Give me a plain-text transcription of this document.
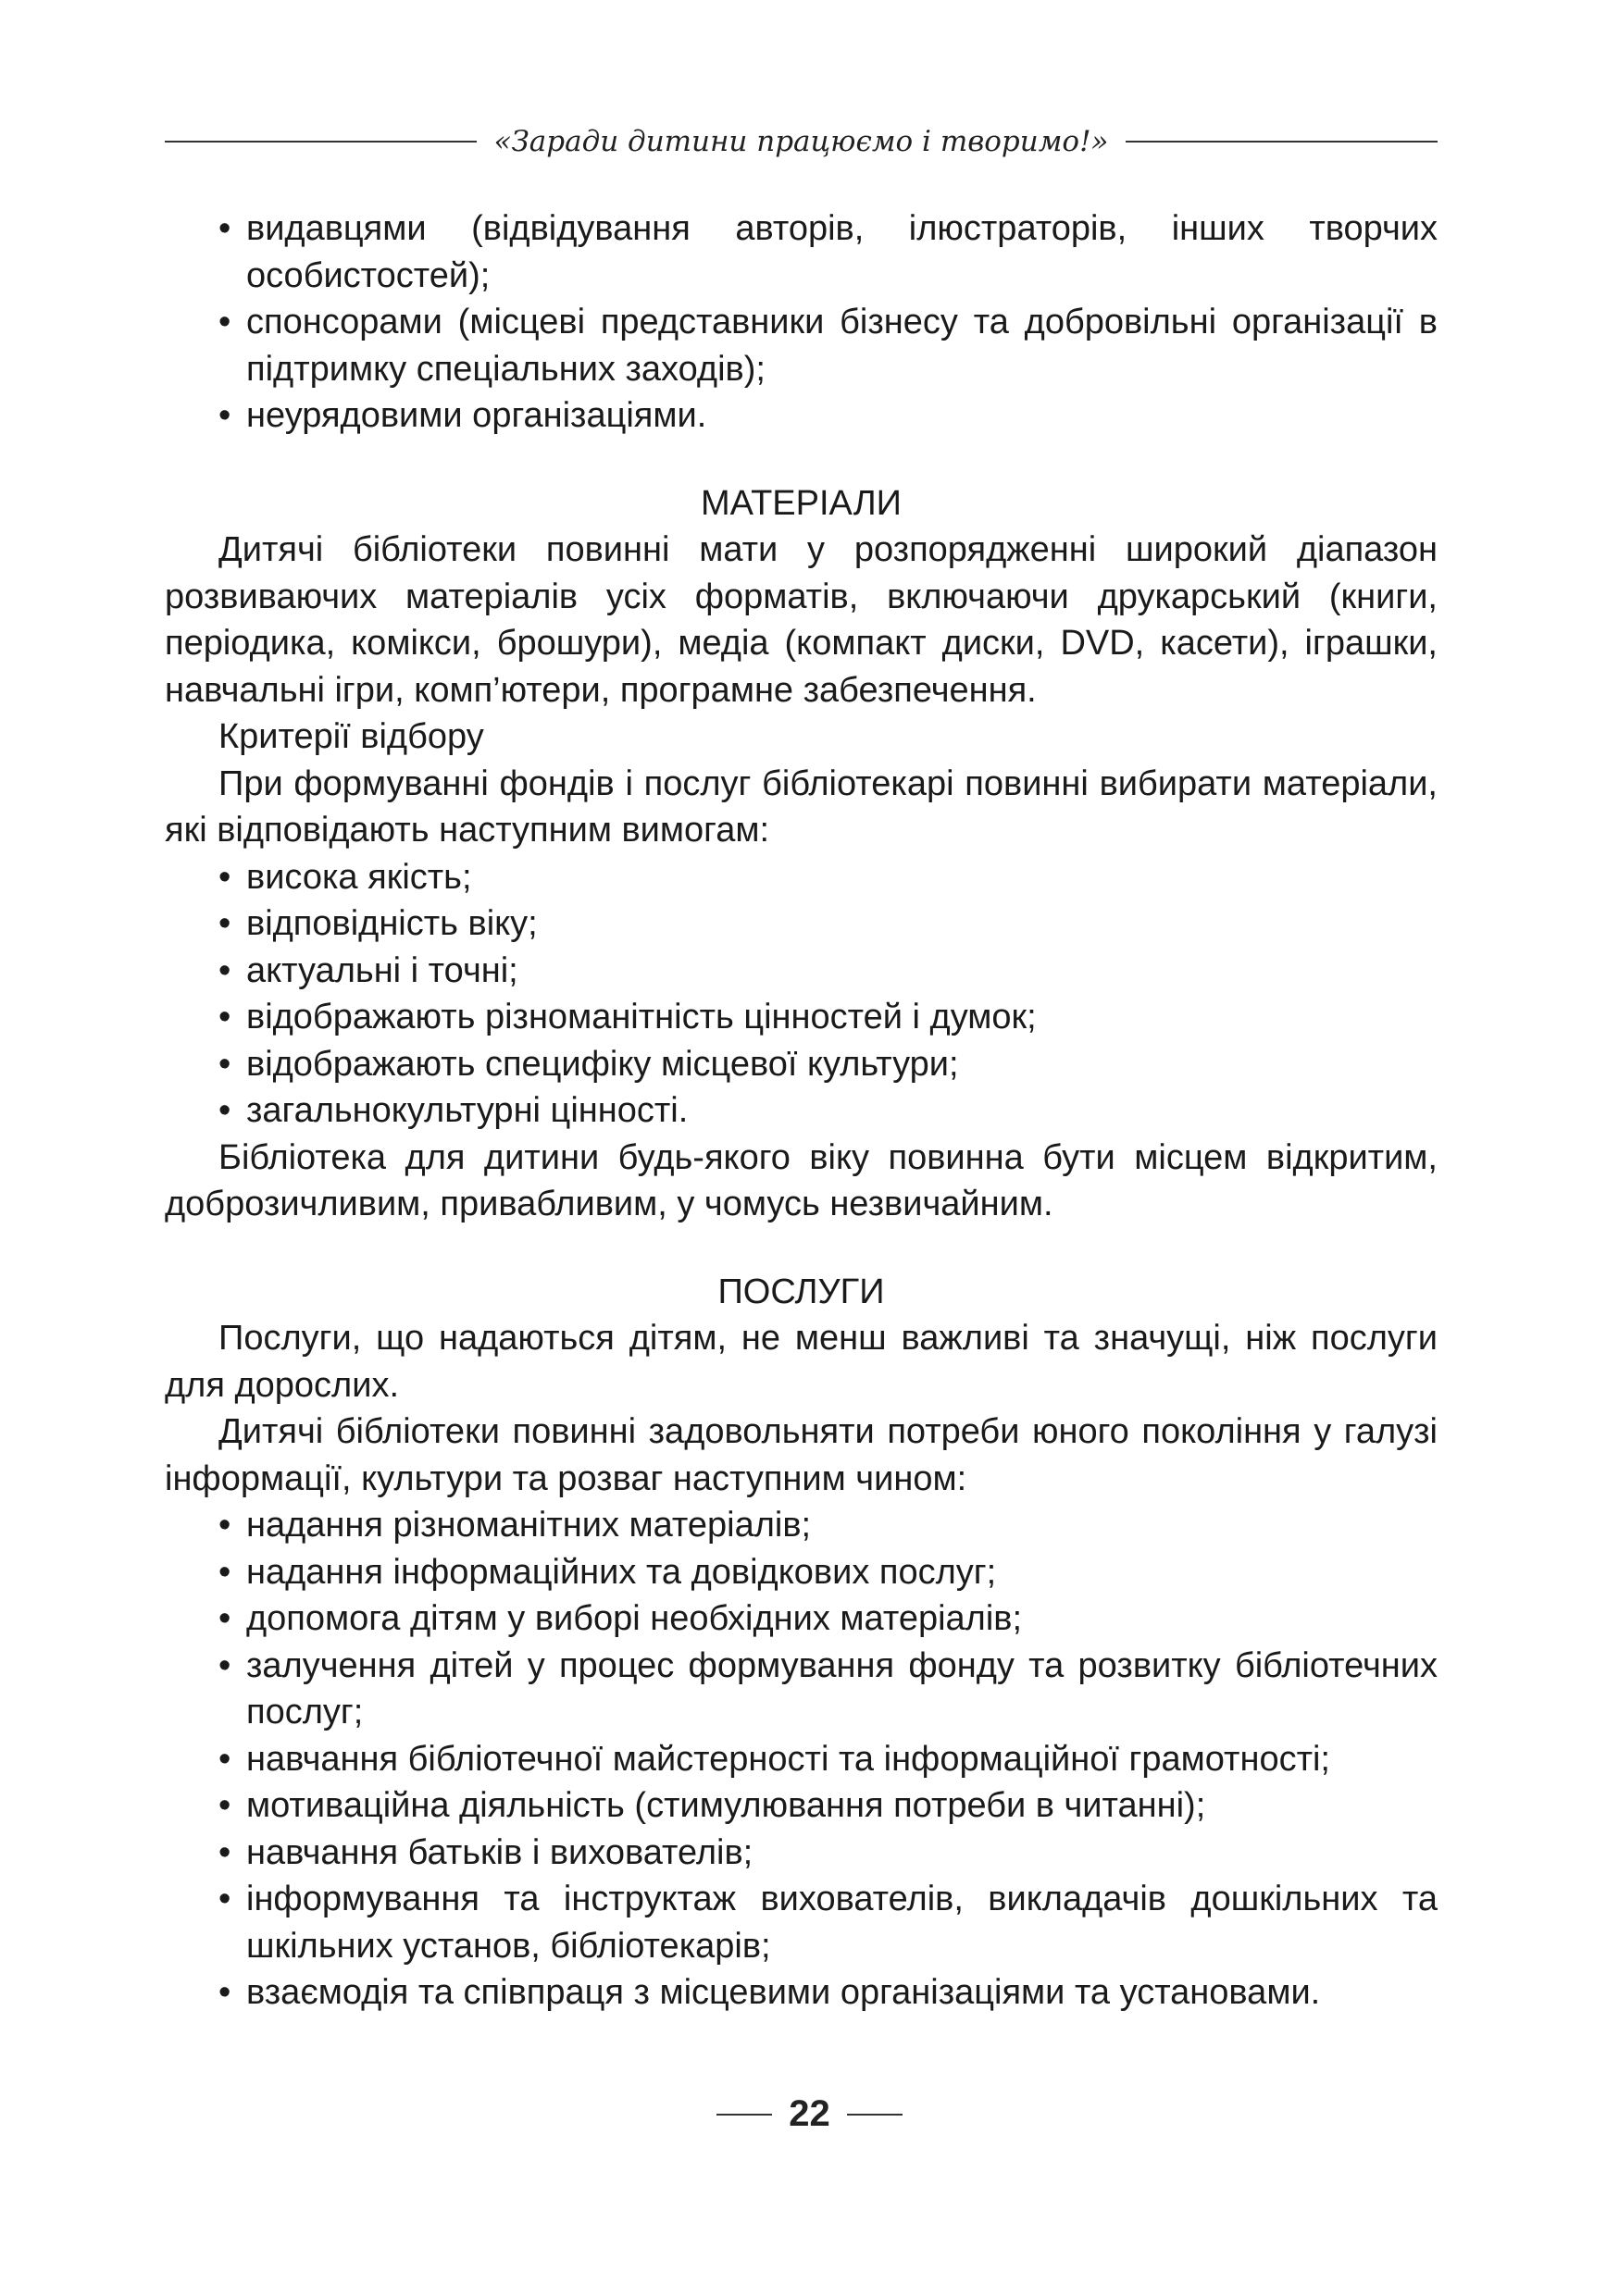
«Заради дитини працюємо і творимо!»
• видавцями (відвідування авторів, ілюстраторів, інших творчих особистостей);
• спонсорами (місцеві представники бізнесу та добровільні організації в підтримку спеціальних заходів);
• неурядовими організаціями.
МАТЕРІАЛИ

Дитячі бібліотеки повинні мати у розпорядженні широкий діапазон розвиваючих матеріалів усіх форматів, включаючи друкарський (книги, періодика, комікси, брошури), медіа (компакт диски, DVD, касети), іграшки, навчальні ігри, комп’ютери, програмне забезпечення.

Критерії відбору

При формуванні фондів і послуг бібліотекарі повинні вибирати матеріали, які відповідають наступним вимогам:

• висока якість;
• відповідність віку;
• актуальні і точні;
• відображають різноманітність цінностей і думок;
• відображають специфіку місцевої культури;
• загальнокультурні цінності.

Бібліотека для дитини будь-якого віку повинна бути місцем відкритим, доброзичливим, привабливим, у чомусь незвичайним.

ПОСЛУГИ

Послуги, що надаються дітям, не менш важливі та значущі, ніж послуги для дорослих.

Дитячі бібліотеки повинні задовольняти потреби юного покоління у галузі інформації, культури та розваг наступним чином:

• надання різноманітних матеріалів;
• надання інформаційних та довідкових послуг;
• допомога дітям у виборі необхідних матеріалів;
• залучення дітей у процес формування фонду та розвитку бібліотечних послуг;
• навчання бібліотечної майстерності та інформаційної грамотності;
• мотиваційна діяльність (стимулювання потреби в читанні);
• навчання батьків і вихователів;
• інформування та інструктаж вихователів, викладачів дошкільних та шкільних установ, бібліотекарів;
• взаємодія та співпраця з місцевими організаціями та установами.
22
